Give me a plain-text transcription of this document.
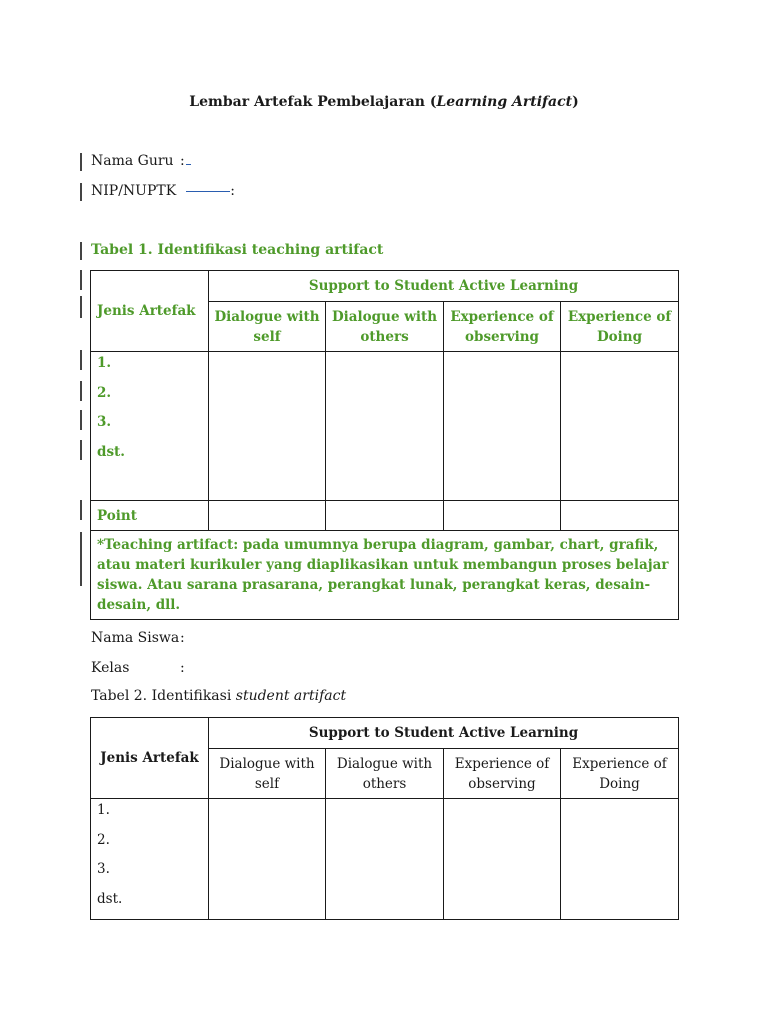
Lembar Artefak Pembelajaran (Learning Artifact)
Nama Guru :
NIP/NUPTK	:
Tabel 1. Identifikasi teaching artifact
Jenis Artefak	Support to Student Active Learning			
	Dialogue with self	Dialogue with others	Experience of observing	Experience of Doing

1.
2.
3.
dst.				

Point				
*Teaching artifact: pada umumnya berupa diagram, gambar, chart, grafik, atau materi kurikuler yang diaplikasikan untuk membangun proses belajar siswa. Atau sarana prasarana, perangkat lunak, perangkat keras, desain-desain, dll.				
Nama Siswa :
Kelas	:
Tabel 2. Identifikasi student artifact
Jenis Artefak	Support to Student Active Learning			
	Dialogue with self	Dialogue with others	Experience of observing	Experience of Doing

1.
2.
3.
dst.				
